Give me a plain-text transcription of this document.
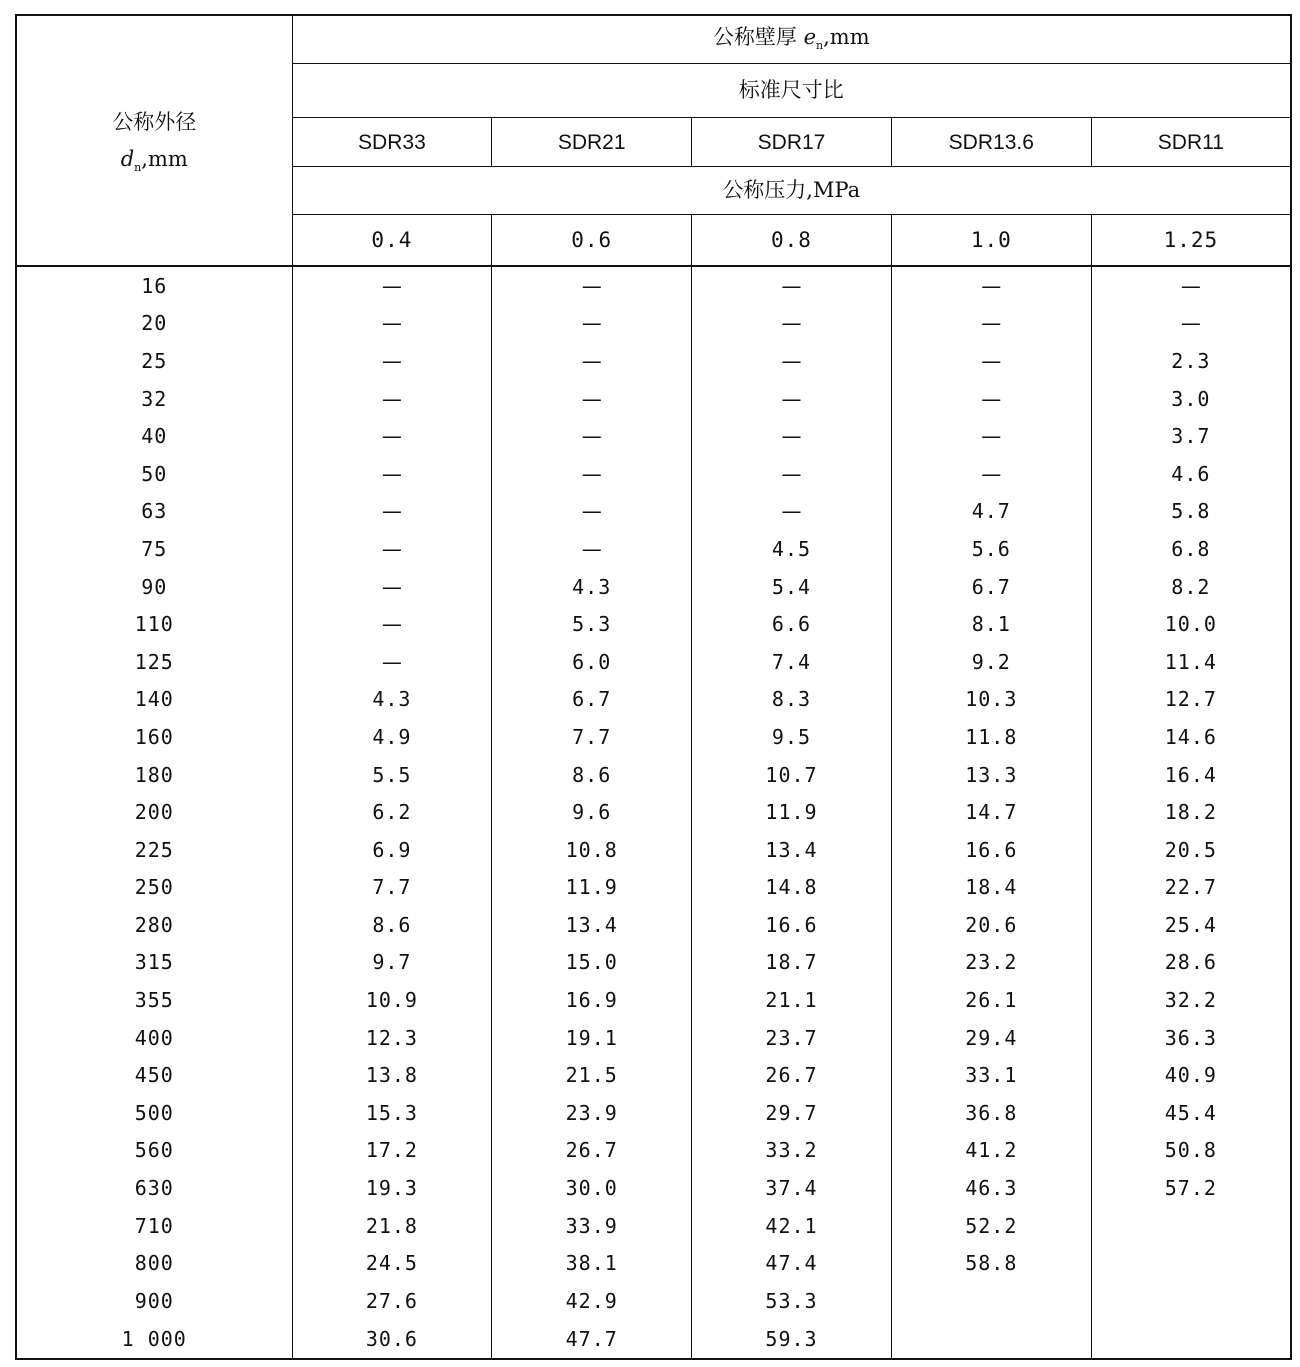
公称外径
$d_n,mm$	公称壁厚 $e_n,mm$				
	标准尺寸比				
	SDR33	SDR21	SDR17	SDR13.6	SDR11
	公称压力,MPa				
	0.4	0.6	0.8	1.0	1.25
16	—	—	—	—	—
20	—	—	—	—	—
25	—	—	—	—	2.3
32	—	—	—	—	3.0
40	—	—	—	—	3.7
50	—	—	—	—	4.6
63	—	—	—	4.7	5.8
75	—	—	4.5	5.6	6.8
90	—	4.3	5.4	6.7	8.2
110	—	5.3	6.6	8.1	10.0
125	—	6.0	7.4	9.2	11.4
140	4.3	6.7	8.3	10.3	12.7
160	4.9	7.7	9.5	11.8	14.6
180	5.5	8.6	10.7	13.3	16.4
200	6.2	9.6	11.9	14.7	18.2
225	6.9	10.8	13.4	16.6	20.5
250	7.7	11.9	14.8	18.4	22.7
280	8.6	13.4	16.6	20.6	25.4
315	9.7	15.0	18.7	23.2	28.6
355	10.9	16.9	21.1	26.1	32.2
400	12.3	19.1	23.7	29.4	36.3
450	13.8	21.5	26.7	33.1	40.9
500	15.3	23.9	29.7	36.8	45.4
560	17.2	26.7	33.2	41.2	50.8
630	19.3	30.0	37.4	46.3	57.2
710	21.8	33.9	42.1	52.2	
800	24.5	38.1	47.4	58.8	
900	27.6	42.9	53.3		
1 000	30.6	47.7	59.3		
